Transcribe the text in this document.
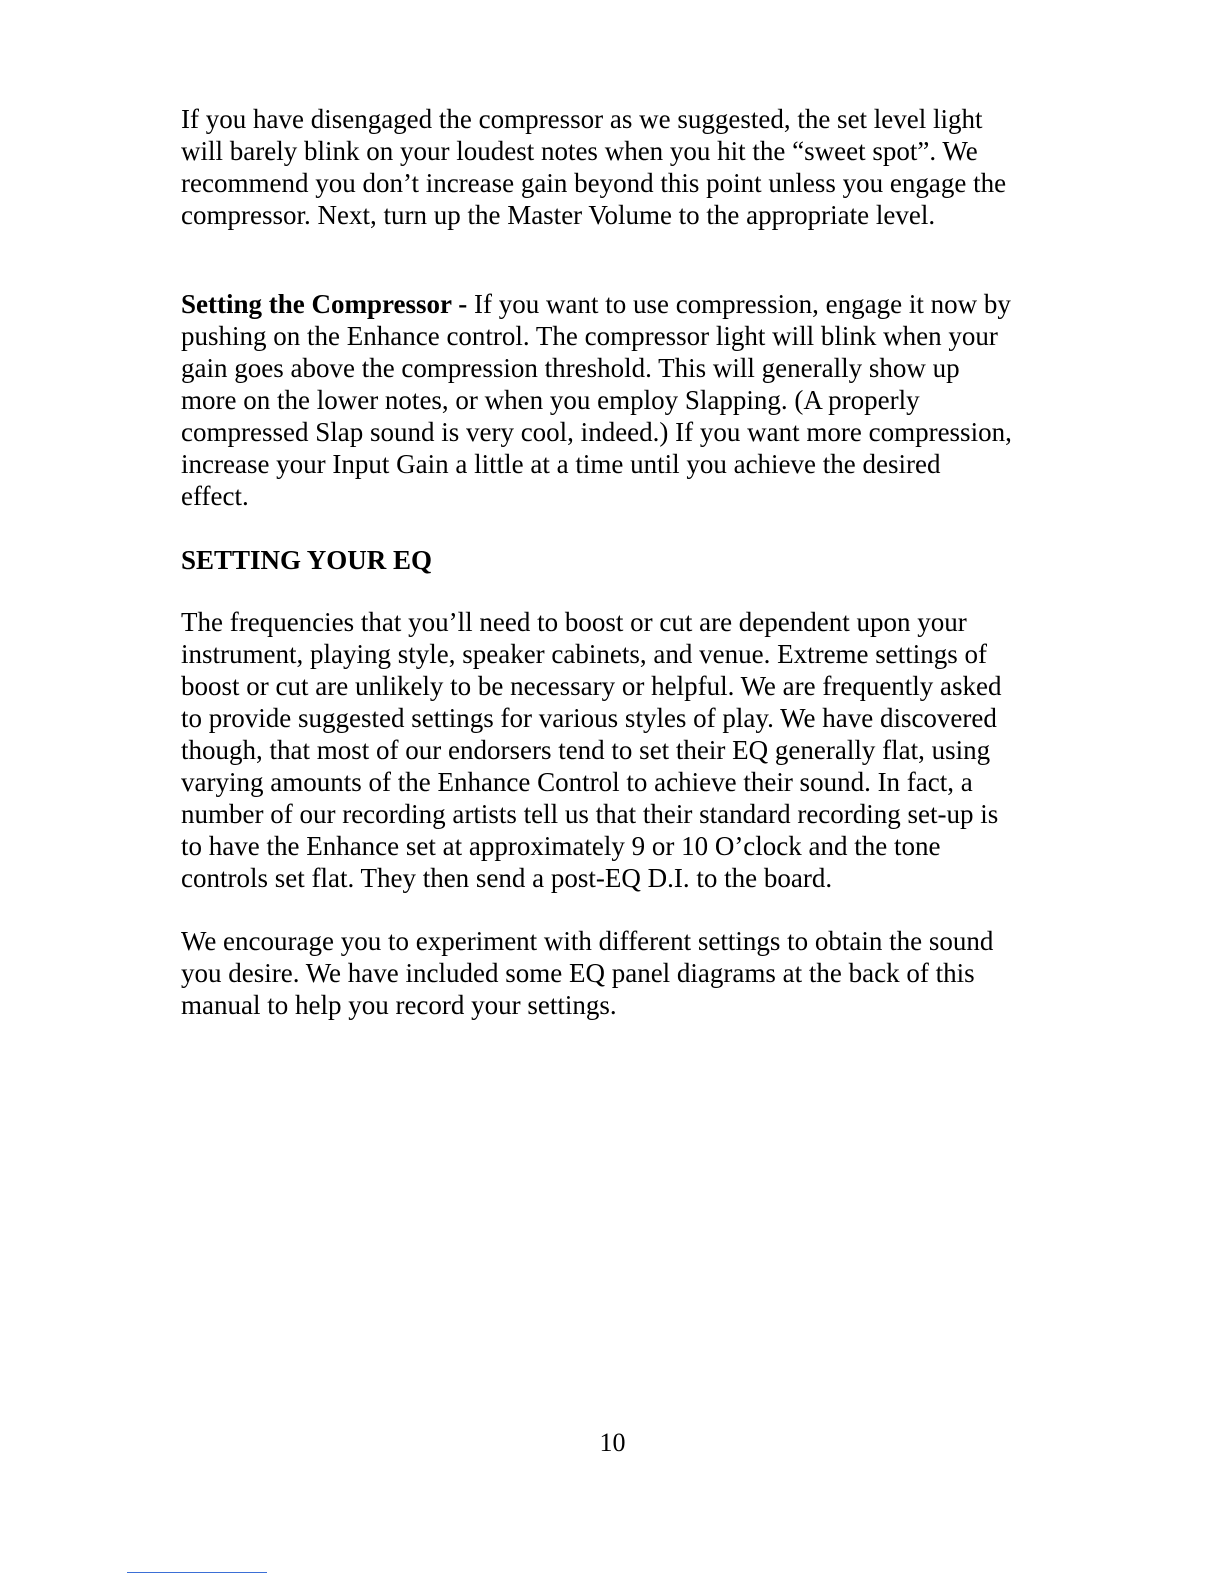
If you have disengaged the compressor as we suggested, the set level light
will barely blink on your loudest notes when you hit the “sweet spot”. We
recommend you don’t increase gain beyond this point unless you engage the
compressor. Next, turn up the Master Volume to the appropriate level.

Setting the Compressor - If you want to use compression, engage it now by
pushing on the Enhance control. The compressor light will blink when your
gain goes above the compression threshold. This will generally show up
more on the lower notes, or when you employ Slapping. (A properly
compressed Slap sound is very cool, indeed.) If you want more compression,
increase your Input Gain a little at a time until you achieve the desired
effect.

SETTING YOUR EQ

The frequencies that you’ll need to boost or cut are dependent upon your
instrument, playing style, speaker cabinets, and venue. Extreme settings of
boost or cut are unlikely to be necessary or helpful. We are frequently asked
to provide suggested settings for various styles of play. We have discovered
though, that most of our endorsers tend to set their EQ generally flat, using
varying amounts of the Enhance Control to achieve their sound. In fact, a
number of our recording artists tell us that their standard recording set-up is
to have the Enhance set at approximately 9 or 10 O’clock and the tone
controls set flat. They then send a post-EQ D.I. to the board.

We encourage you to experiment with different settings to obtain the sound
you desire. We have included some EQ panel diagrams at the back of this
manual to help you record your settings.

10
